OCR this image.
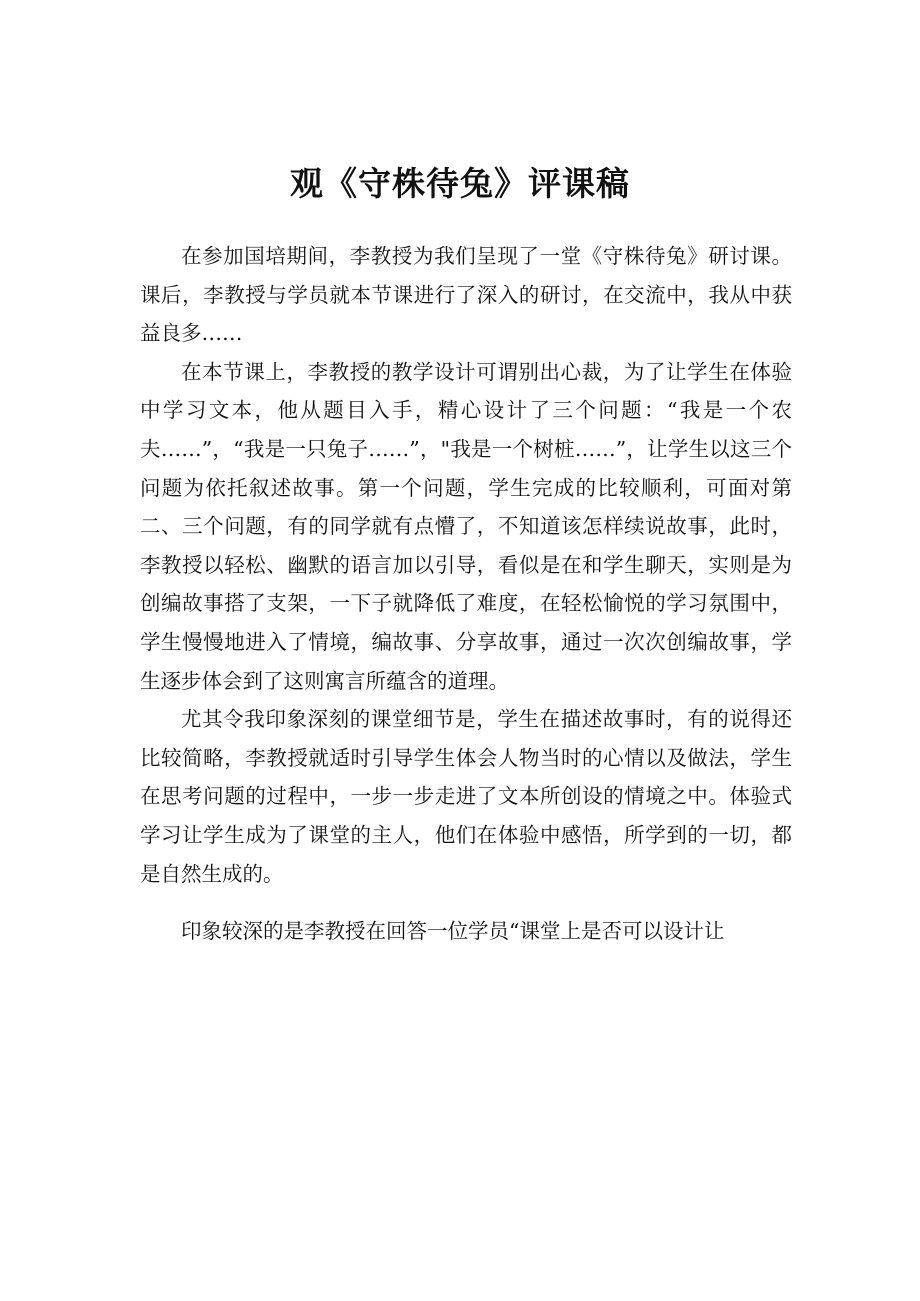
观《守株待兔》评课稿

在参加国培期间，李教授为我们呈现了一堂《守株待兔》研讨课。课后，李教授与学员就本节课进行了深入的研讨，在交流中，我从中获益良多……

在本节课上，李教授的教学设计可谓别出心裁，为了让学生在体验中学习文本，他从题目入手，精心设计了三个问题：“我是一个农夫……”，“我是一只兔子……”，"我是一个树桩……”，让学生以这三个问题为依托叙述故事。第一个问题，学生完成的比较顺利，可面对第二、三个问题，有的同学就有点懵了，不知道该怎样续说故事，此时，李教授以轻松、幽默的语言加以引导，看似是在和学生聊天，实则是为创编故事搭了支架，一下子就降低了难度，在轻松愉悦的学习氛围中，学生慢慢地进入了情境，编故事、分享故事，通过一次次创编故事，学生逐步体会到了这则寓言所蕴含的道理。

尤其令我印象深刻的课堂细节是，学生在描述故事时，有的说得还比较简略，李教授就适时引导学生体会人物当时的心情以及做法，学生在思考问题的过程中，一步一步走进了文本所创设的情境之中。体验式学习让学生成为了课堂的主人，他们在体验中感悟，所学到的一切，都是自然生成的。

印象较深的是李教授在回答一位学员“课堂上是否可以设计让
